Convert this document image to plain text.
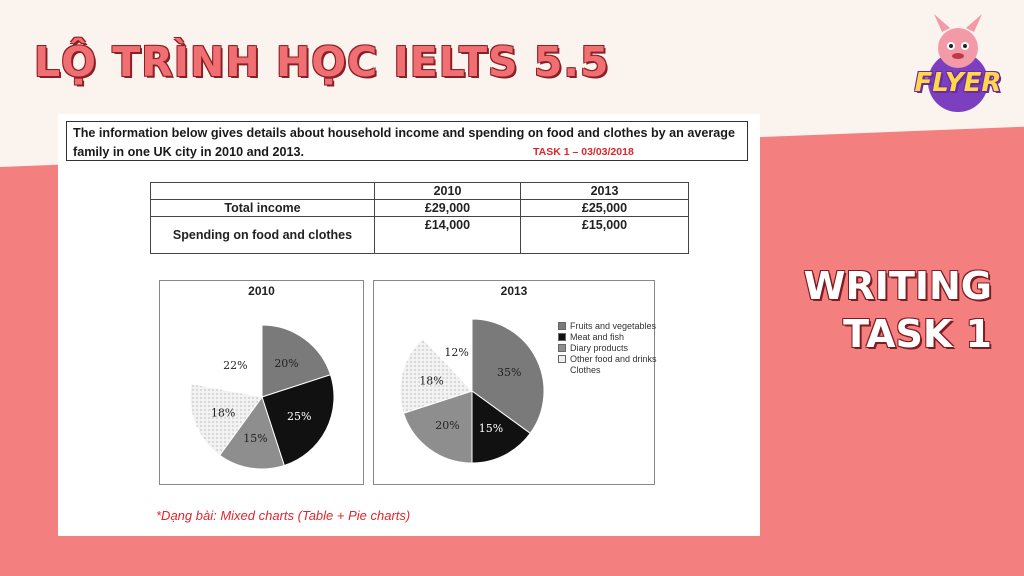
LỘ TRÌNH HỌC IELTS 5.5
WRITING
TASK 1
FLYER
The information below gives details about household income and spending on food and clothes by an average family in one UK city in 2010 and 2013.	TASK 1 – 03/03/2018
	2010	2013
Total income	£29,000	£25,000
Spending on food and clothes	£14,000	£15,000
2010
20%
25%
15%
18%
22%
2013
35%
15%
20%
18%
12%
Fruits and vegetables
Meat and fish
Diary products
Other food and drinks
Clothes
*Dạng bài: Mixed charts (Table + Pie charts)
